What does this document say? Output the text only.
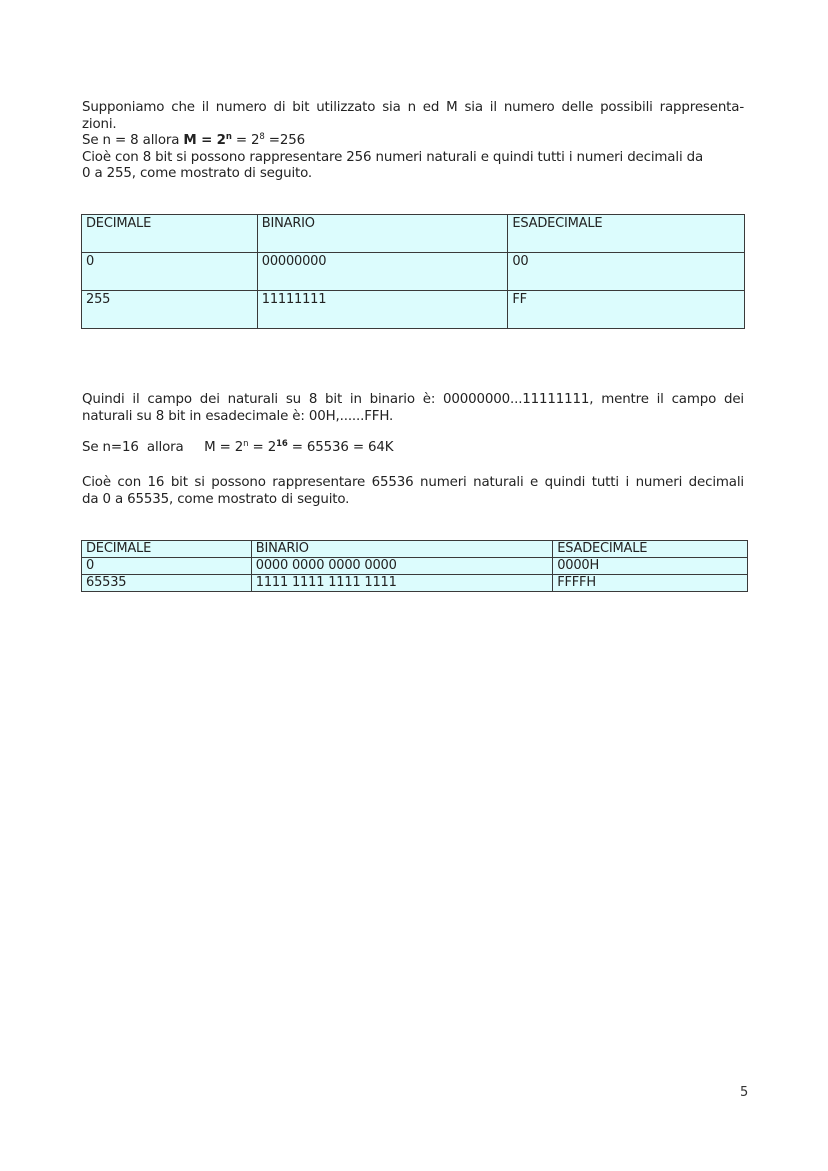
Supponiamo che il numero di bit utilizzato sia n ed M sia il numero delle possibili rappresenta-
zioni.
Se n = 8 allora $M = 2^n = 2^8 =256$
Cioè con 8 bit si possono rappresentare 256 numeri naturali e quindi tutti i numeri decimali da
0 a 255, come mostrato di seguito.
DECIMALE	BINARIO	ESADECIMALE
0	00000000	00
255	11111111	FF
Quindi il campo dei naturali su 8 bit in binario è: 00000000...11111111, mentre il campo dei
naturali su 8 bit in esadecimale è: 00H,......FFH.
Se n=16  allora     $M = 2^n = 2^{16} = 65536 = 64K$
Cioè con 16 bit si possono rappresentare 65536 numeri naturali e quindi tutti i numeri decimali
da 0 a 65535, come mostrato di seguito.
DECIMALE	BINARIO	ESADECIMALE
0	0000 0000 0000 0000	0000H
65535	1111 1111 1111 1111	FFFFH
5
